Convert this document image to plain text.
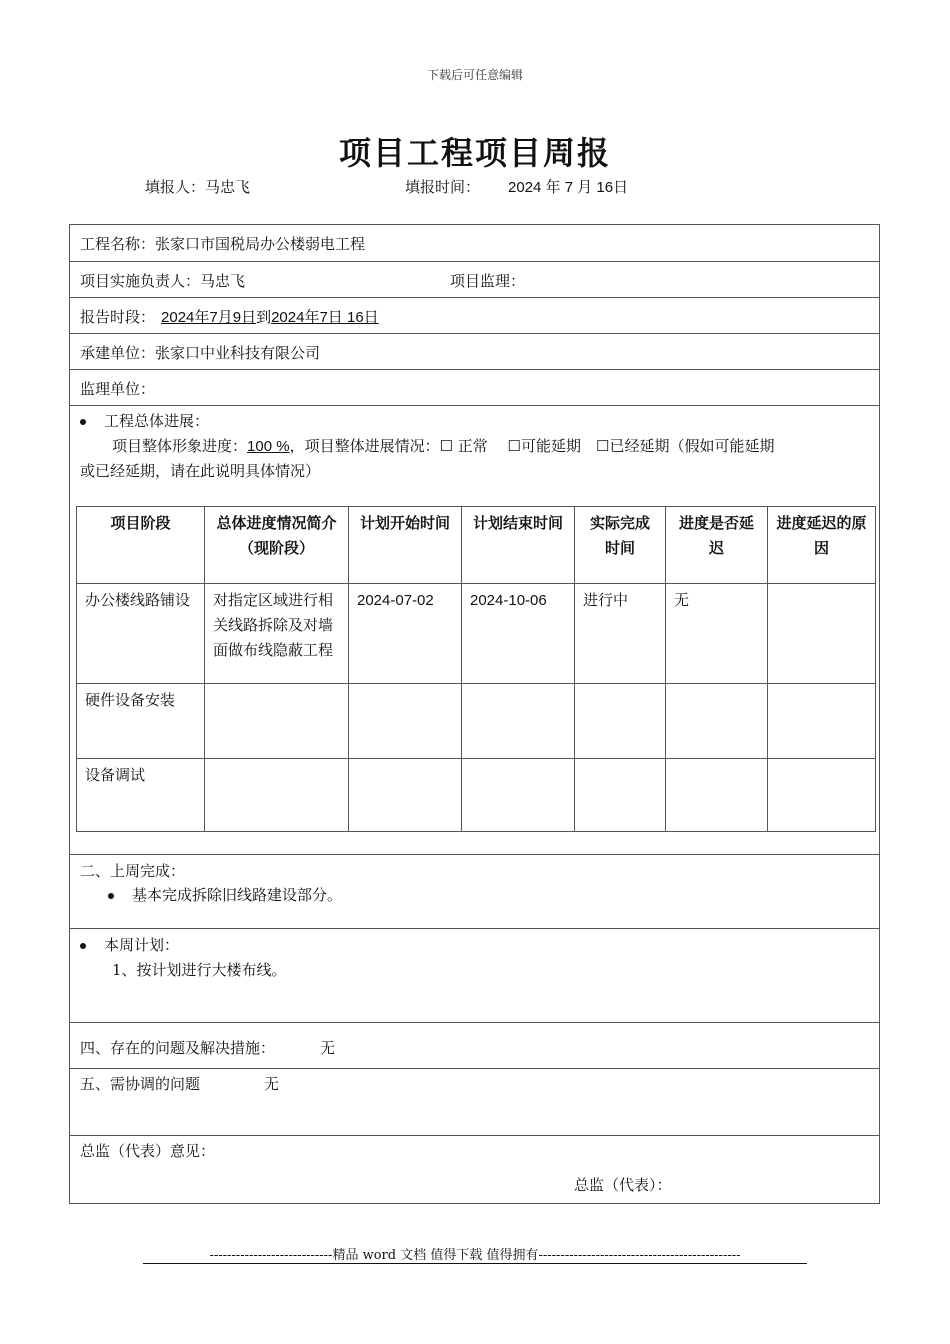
下载后可任意编辑
项目工程项目周报
填报人：马忠飞	填报时间： 2024 年 7 月 16日
工程名称：张家口市国税局办公楼弱电工程
项目实施负责人：马忠飞	项目监理：
报告时段： 2024年7月9日到2024年7日 16日
承建单位：张家口中业科技有限公司
监理单位：
工程总体进展：
项目整体形象进度：100 %，项目整体进展情况：☐ 正常　 ☐可能延期　☐已经延期（假如可能延期
或已经延期，请在此说明具体情况）
项目阶段	总体进度情况简介（现阶段）	计划开始时间	计划结束时间	实际完成时间	进度是否延迟	进度延迟的原因
办公楼线路铺设	对指定区域进行相关线路拆除及对墙面做布线隐蔽工程	2024-07-02	2024-10-06	进行中	无	
硬件设备安装						
设备调试						
二、上周完成：
基本完成拆除旧线路建设部分。
本周计划：
1、按计划进行大楼布线。
四、存在的问题及解决措施：	无
五、需协调的问题	无
总监（代表）意见：
总监（代表）：
----------------------------精品 word 文档 值得下载 值得拥有----------------------------------------------
